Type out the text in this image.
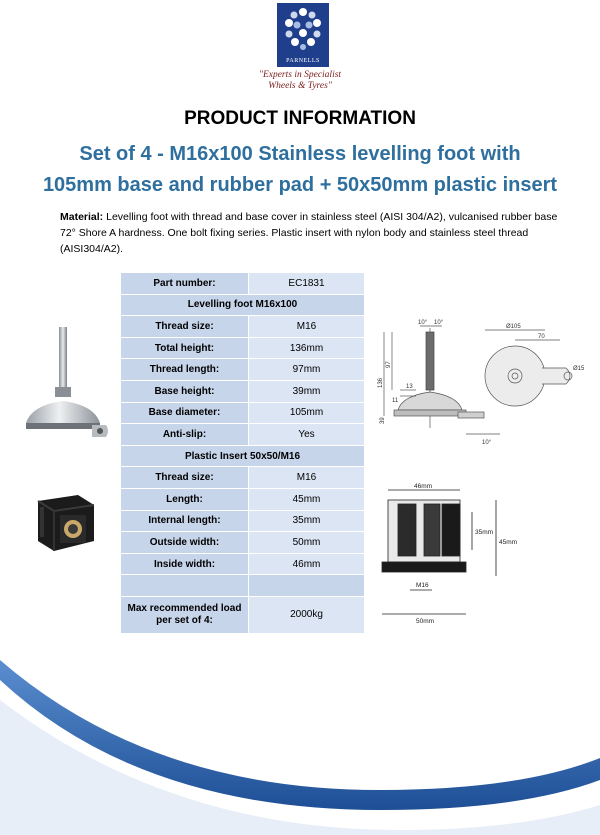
PARNELLS
"Experts in Specialist
Wheels & Tyres"
PRODUCT INFORMATION
Set of 4 - M16x100 Stainless levelling foot with
105mm base and rubber pad + 50x50mm plastic insert
Material: Levelling foot with thread and base cover in stainless steel (AISI 304/A2), vulcanised rubber base 72° Shore A hardness. One bolt fixing series. Plastic insert with nylon body and stainless steel thread (AISI304/A2).
Part number:	EC1831
Levelling foot M16x100	
Thread size:	M16
Total height:	136mm
Thread length:	97mm
Base height:	39mm
Base diameter:	105mm
Anti-slip:	Yes
Plastic Insert 50x50/M16	
Thread size:	M16
Length:	45mm
Internal length:	35mm
Outside width:	50mm
Inside width:	46mm

Max recommended load per set of 4:	2000kg
10° 10°
Ø105
70
Ø15
136
97
13
11
39
10°
46mm
35mm
45mm
M16
50mm
